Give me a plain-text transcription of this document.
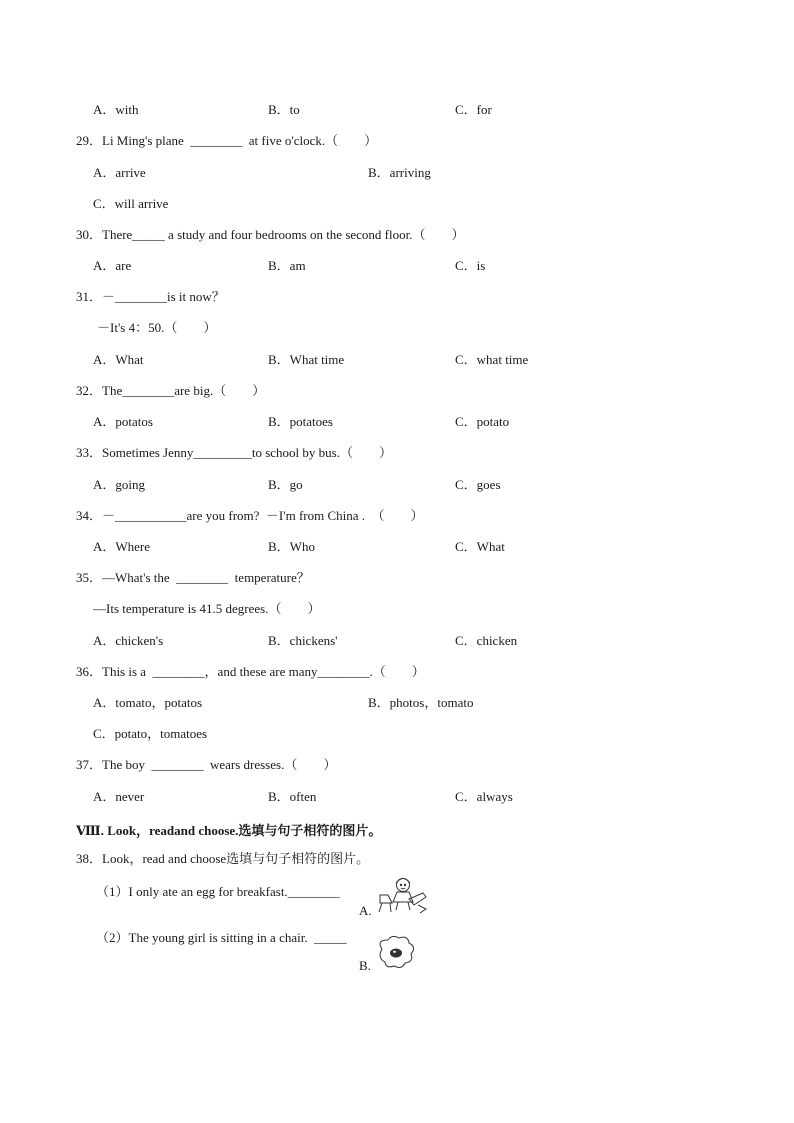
A．with	B．to	C．for
29．Li Ming's plane  ________  at five o'clock.（        ）
A．arrive	B．arriving
C．will arrive
30．There_____ a study and four bedrooms on the second floor.（        ）
A．are	B．am	C．is
31．－________is it now？
－It's 4：50.（        ）
A．What	B．What time	C．what time
32．The________are big.（        ）
A．potatos	B．potatoes	C．potato
33．Sometimes Jenny_________to school by bus.（        ）
A．going	B．go	C．goes
34．－___________are you from?  －I'm from China .  （        ）
A．Where	B．Who	C．What
35．—What's the  ________  temperature？
—Its temperature is 41.5 degrees.（        ）
A．chicken's	B．chickens'	C．chicken
36．This is a  ________，and these are many________.（        ）
A．tomato，potatos	B．photos，tomato
C．potato，tomatoes
37．The boy  ________  wears dresses.（        ）
A．never	B．often	C．always
Ⅷ. Look，readand choose.选填与句子相符的图片。
38．Look，read and choose选填与句子相符的图片。
（1）I only ate an egg for breakfast.________
（2）The young girl is sitting in a chair.  _____
A.
B.
